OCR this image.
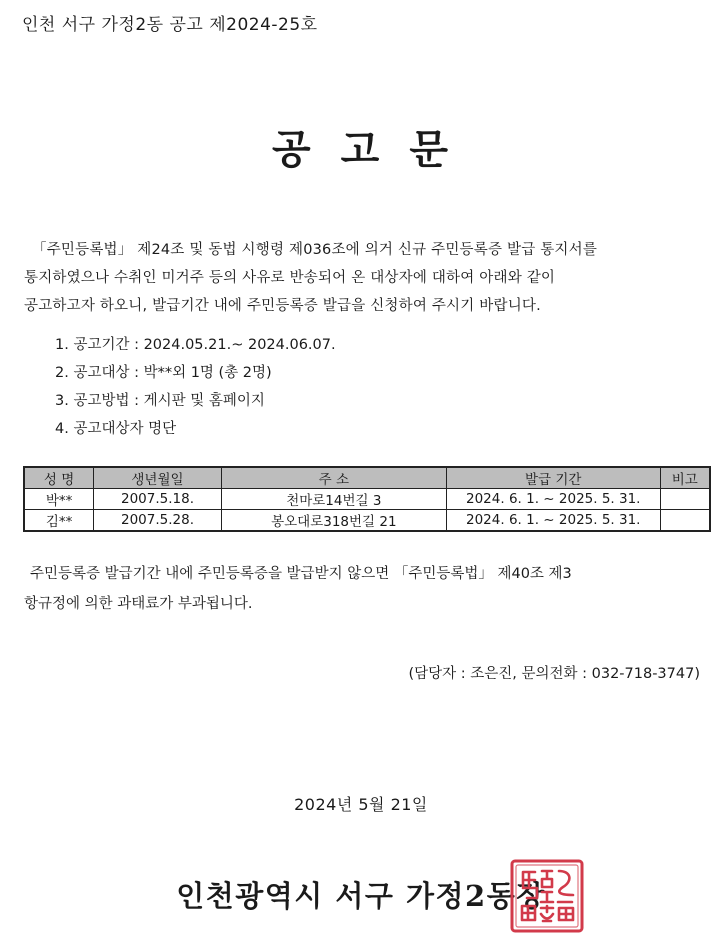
인천 서구 가정2동 공고 제2024-25호
공 고 문
「주민등록법」 제24조 및 동법 시행령 제036조에 의거 신규 주민등록증 발급 통지서를
통지하였으나 수취인 미거주 등의 사유로 반송되어 온 대상자에 대하여 아래와 같이
공고하고자 하오니, 발급기간 내에 주민등록증 발급을 신청하여 주시기 바랍니다.
1. 공고기간 : 2024.05.21.~ 2024.06.07.
2. 공고대상 : 박**외 1명 (총 2명)
3. 공고방법 : 게시판 및 홈페이지
4. 공고대상자 명단
성 명	생년월일	주 소	발급 기간	비고
박**	2007.5.18.	천마로14번길 3	2024. 6. 1. ~ 2025. 5. 31.	
김**	2007.5.28.	봉오대로318번길 21	2024. 6. 1. ~ 2025. 5. 31.	
주민등록증 발급기간 내에 주민등록증을 발급받지 않으면 「주민등록법」 제40조 제3
항규정에 의한 과태료가 부과됩니다.
(담당자 : 조은진, 문의전화 : 032-718-3747)
2024년 5월 21일
인천광역시 서구 가정2동장
